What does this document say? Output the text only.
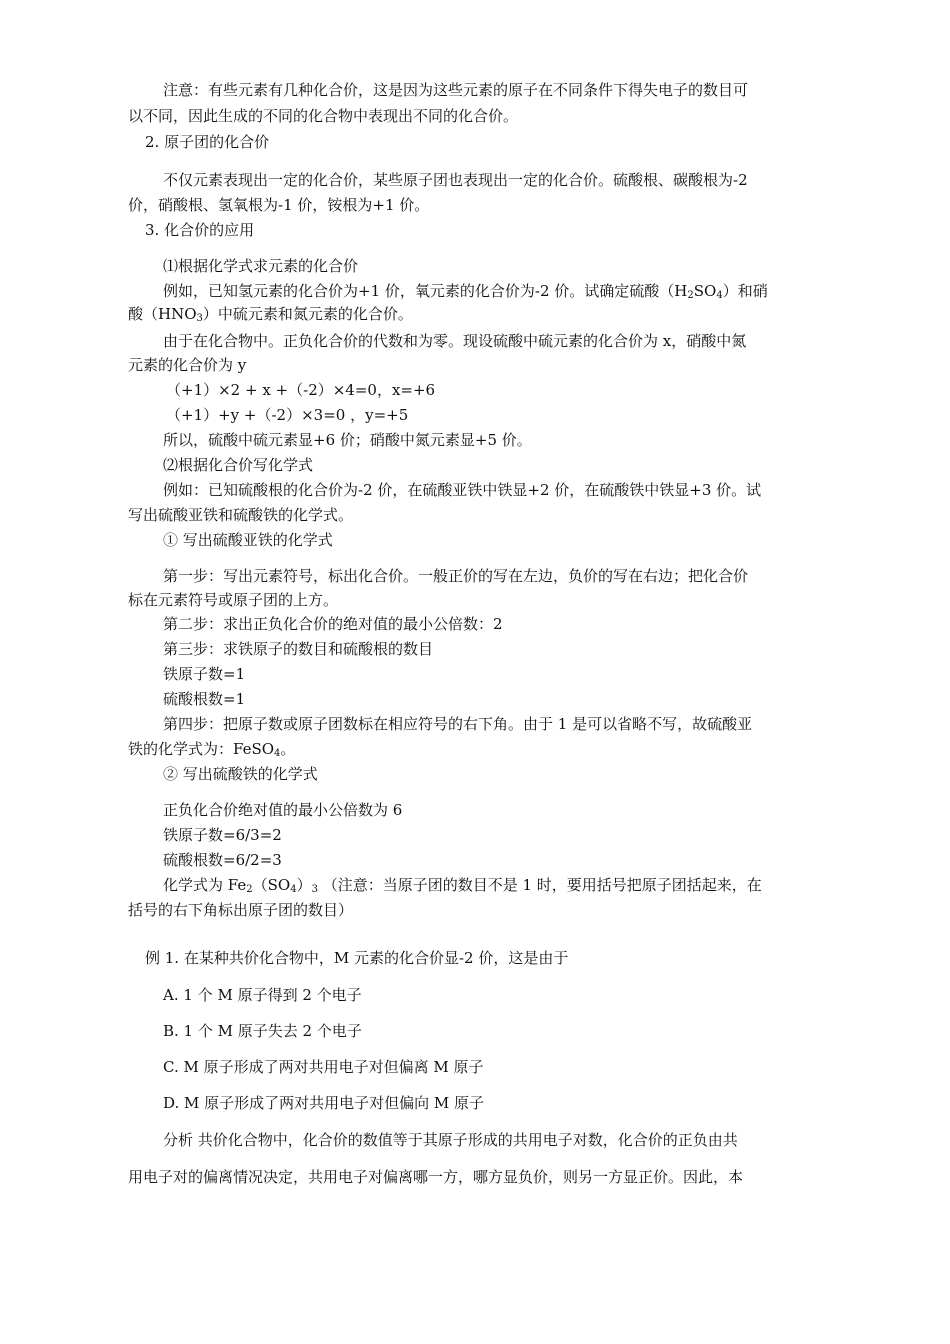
注意：有些元素有几种化合价，这是因为这些元素的原子在不同条件下得失电子的数目可
以不同，因此生成的不同的化合物中表现出不同的化合价。
2. 原子团的化合价
不仅元素表现出一定的化合价，某些原子团也表现出一定的化合价。硫酸根、碳酸根为-2
价，硝酸根、氢氧根为-1 价，铵根为+1 价。
3. 化合价的应用
⑴根据化学式求元素的化合价
例如，已知氢元素的化合价为+1 价，氧元素的化合价为-2 价。试确定硫酸$(H_2SO_4)$和硝
酸$(HNO_3)$中硫元素和氮元素的化合价。
由于在化合物中。正负化合价的代数和为零。现设硫酸中硫元素的化合价为 x，硝酸中氮
元素的化合价为 y
（+1）×2 + x +（-2）×4=0，x=+6
（+1）+y +（-2）×3=0 ，y=+5
所以，硫酸中硫元素显+6 价；硝酸中氮元素显+5 价。
⑵根据化合价写化学式
例如：已知硫酸根的化合价为-2 价，在硫酸亚铁中铁显+2 价，在硫酸铁中铁显+3 价。试
写出硫酸亚铁和硫酸铁的化学式。
① 写出硫酸亚铁的化学式
第一步：写出元素符号，标出化合价。一般正价的写在左边，负价的写在右边；把化合价
标在元素符号或原子团的上方。
第二步：求出正负化合价的绝对值的最小公倍数：2
第三步：求铁原子的数目和硫酸根的数目
铁原子数=1
硫酸根数=1
第四步：把原子数或原子团数标在相应符号的右下角。由于 1 是可以省略不写，故硫酸亚
铁的化学式为：FeSO$_4$。
② 写出硫酸铁的化学式
正负化合价绝对值的最小公倍数为 6
铁原子数=6/3=2
硫酸根数=6/2=3
化学式为 $Fe_2(SO_4)_3$ （注意：当原子团的数目不是 1 时，要用括号把原子团括起来，在
括号的右下角标出原子团的数目）
例 1. 在某种共价化合物中，M 元素的化合价显-2 价，这是由于
A. 1 个 M 原子得到 2 个电子
B. 1 个 M 原子失去 2 个电子
C. M 原子形成了两对共用电子对但偏离 M 原子
D. M 原子形成了两对共用电子对但偏向 M 原子
分析 共价化合物中，化合价的数值等于其原子形成的共用电子对数，化合价的正负由共
用电子对的偏离情况决定，共用电子对偏离哪一方，哪方显负价，则另一方显正价。因此，本
